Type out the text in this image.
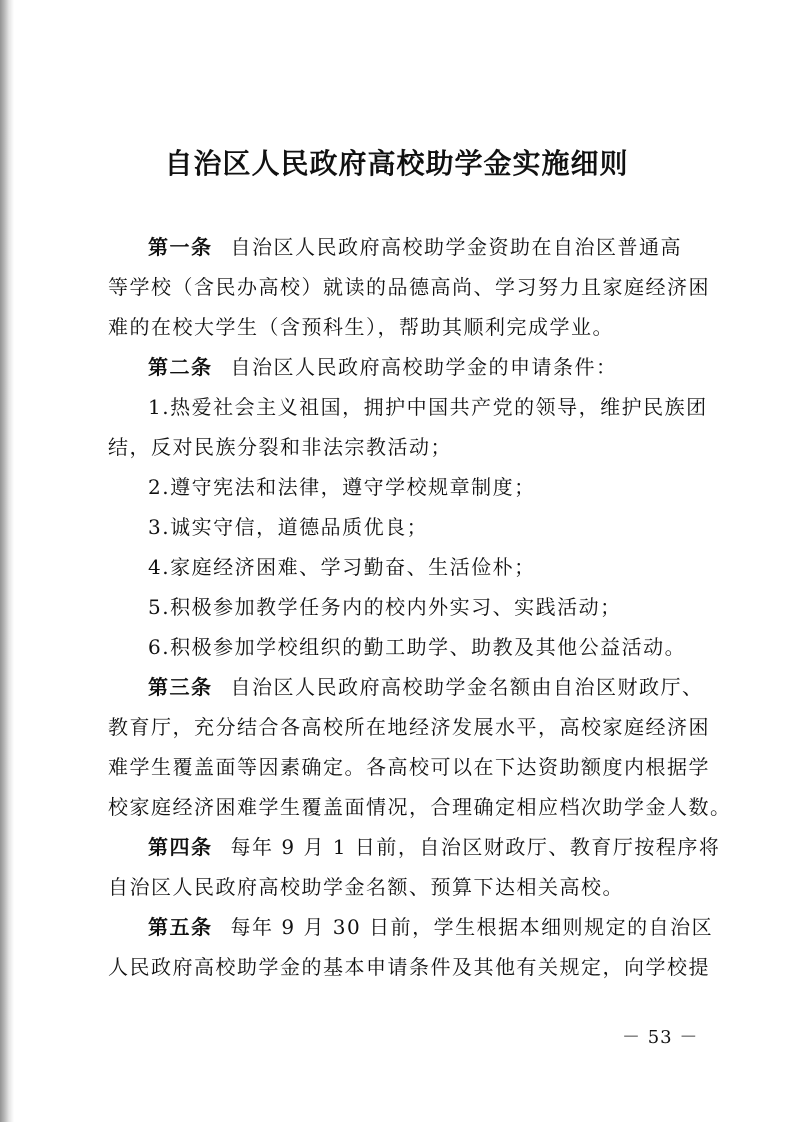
自治区人民政府高校助学金实施细则
第一条 自治区人民政府高校助学金资助在自治区普通高
等学校（含民办高校）就读的品德高尚、学习努力且家庭经济困
难的在校大学生（含预科生），帮助其顺利完成学业。
第二条 自治区人民政府高校助学金的申请条件：
1.热爱社会主义祖国，拥护中国共产党的领导，维护民族团
结，反对民族分裂和非法宗教活动；
2.遵守宪法和法律，遵守学校规章制度；
3.诚实守信，道德品质优良；
4.家庭经济困难、学习勤奋、生活俭朴；
5.积极参加教学任务内的校内外实习、实践活动；
6.积极参加学校组织的勤工助学、助教及其他公益活动。
第三条 自治区人民政府高校助学金名额由自治区财政厅、
教育厅，充分结合各高校所在地经济发展水平，高校家庭经济困
难学生覆盖面等因素确定。各高校可以在下达资助额度内根据学
校家庭经济困难学生覆盖面情况，合理确定相应档次助学金人数。
第四条 每年 9 月 1 日前，自治区财政厅、教育厅按程序将
自治区人民政府高校助学金名额、预算下达相关高校。
第五条 每年 9 月 30 日前，学生根据本细则规定的自治区
人民政府高校助学金的基本申请条件及其他有关规定，向学校提
－ 53 －
